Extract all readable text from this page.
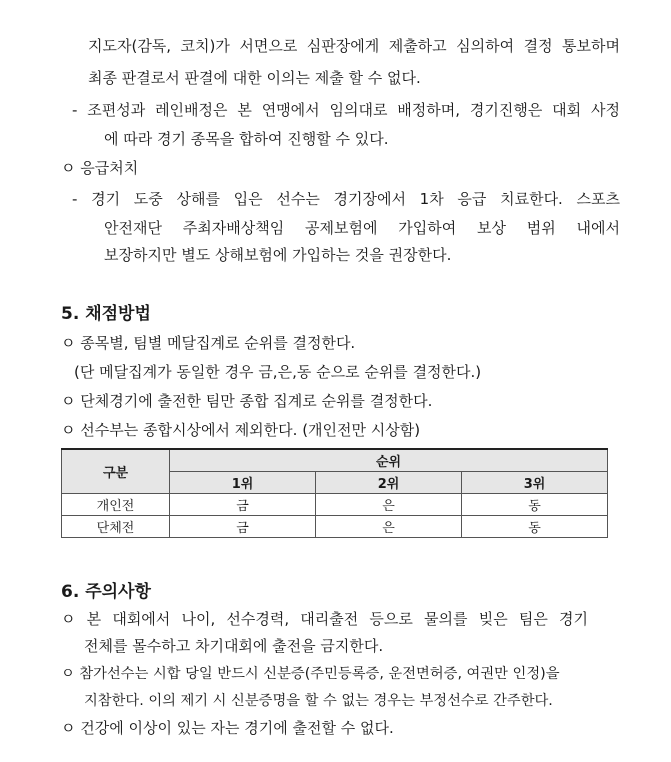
지도자(감독, 코치)가 서면으로 심판장에게 제출하고 심의하여 결정 통보하며
최종 판결로서 판결에 대한 이의는 제출 할 수 없다.
- 조편성과 레인배정은 본 연맹에서 임의대로 배정하며, 경기진행은 대회 사정
에 따라 경기 종목을 합하여 진행할 수 있다.
ㅇ 응급처치
- 경기 도중 상해를 입은 선수는 경기장에서 1차 응급 치료한다. 스포츠
안전재단 주최자배상책임 공제보험에 가입하여 보상 범위 내에서
보장하지만 별도 상해보험에 가입하는 것을 권장한다.
5. 채점방법
ㅇ 종목별, 팀별 메달집계로 순위를 결정한다.
(단 메달집계가 동일한 경우 금,은,동 순으로 순위를 결정한다.)
ㅇ 단체경기에 출전한 팀만 종합 집계로 순위를 결정한다.
ㅇ 선수부는 종합시상에서 제외한다. (개인전만 시상함)
구분	순위		
	1위	2위	3위
개인전	금	은	동
단체전	금	은	동
6. 주의사항
ㅇ 본 대회에서 나이, 선수경력, 대리출전 등으로 물의를 빚은 팀은 경기
전체를 몰수하고 차기대회에 출전을 금지한다.
ㅇ 참가선수는 시합 당일 반드시 신분증(주민등록증, 운전면허증, 여권만 인정)을
지참한다. 이의 제기 시 신분증명을 할 수 없는 경우는 부정선수로 간주한다.
ㅇ 건강에 이상이 있는 자는 경기에 출전할 수 없다.
